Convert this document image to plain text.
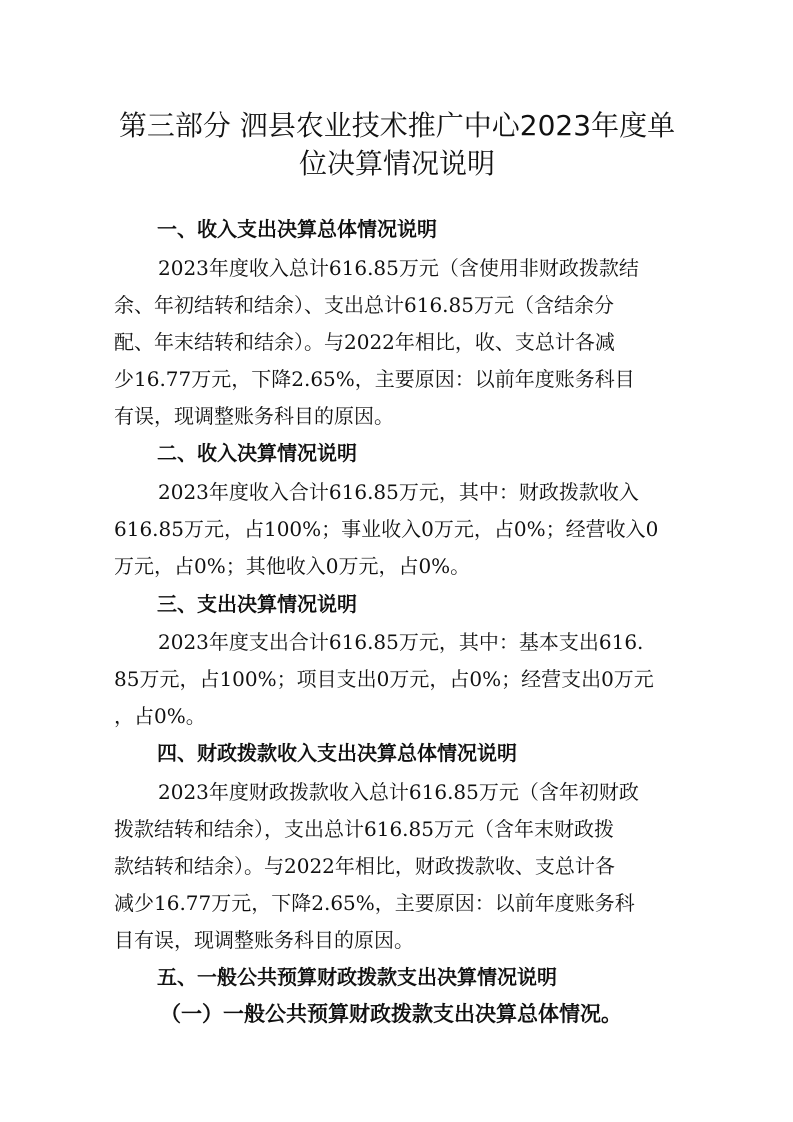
第三部分 泗县农业技术推广中心2023年度单
位决算情况说明
一、收入支出决算总体情况说明

2023年度收入总计616.85万元（含使用非财政拨款结

余、年初结转和结余）、支出总计616.85万元（含结余分

配、年末结转和结余）。与2022年相比，收、支总计各减

少16.77万元，下降2.65%，主要原因：以前年度账务科目

有误，现调整账务科目的原因。

二、收入决算情况说明

2023年度收入合计616.85万元，其中：财政拨款收入

616.85万元，占100%；事业收入0万元，占0%；经营收入0

万元，占0%；其他收入0万元，占0%。

三、支出决算情况说明

2023年度支出合计616.85万元，其中：基本支出616.

85万元，占100%；项目支出0万元，占0%；经营支出0万元

，占0%。

四、财政拨款收入支出决算总体情况说明

2023年度财政拨款收入总计616.85万元（含年初财政

拨款结转和结余），支出总计616.85万元（含年末财政拨

款结转和结余）。与2022年相比，财政拨款收、支总计各

减少16.77万元，下降2.65%，主要原因：以前年度账务科

目有误，现调整账务科目的原因。

五、一般公共预算财政拨款支出决算情况说明
（一）一般公共预算财政拨款支出决算总体情况。
